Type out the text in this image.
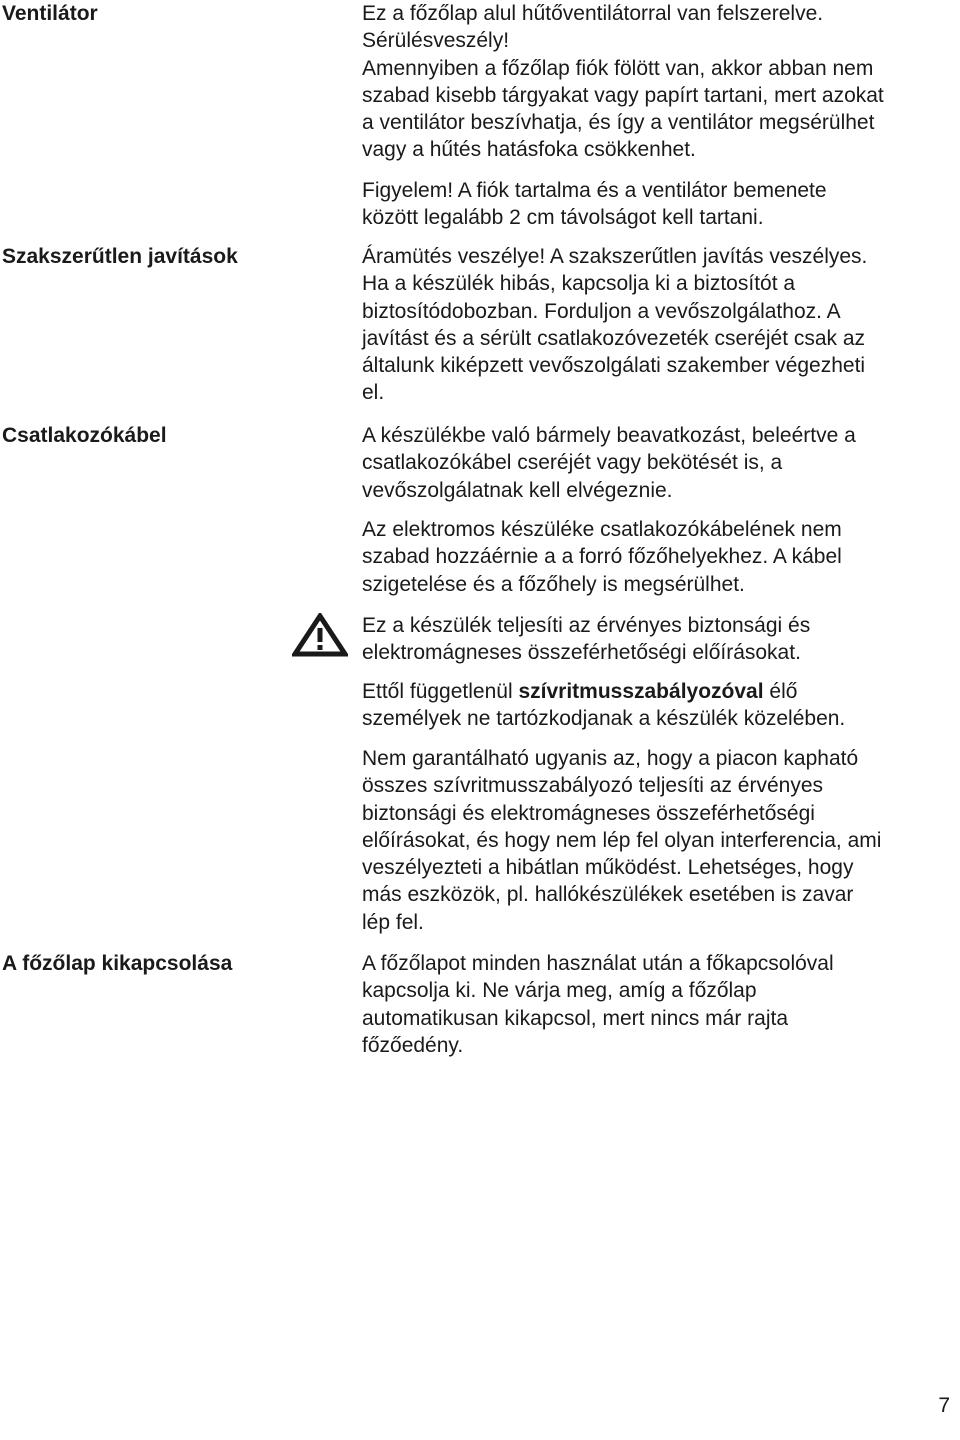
Ventilátor
Szakszerűtlen javítások
Csatlakozókábel
A főzőlap kikapcsolása
Ez a főzőlap alul hűtőventilátorral van felszerelve.
Sérülésveszély!
Amennyiben a főzőlap fiók fölött van, akkor abban nem
szabad kisebb tárgyakat vagy papírt tartani, mert azokat
a ventilátor beszívhatja, és így a ventilátor megsérülhet
vagy a hűtés hatásfoka csökkenhet.
Figyelem! A fiók tartalma és a ventilátor bemenete
között legalább 2 cm távolságot kell tartani.
Áramütés veszélye! A szakszerűtlen javítás veszélyes.
Ha a készülék hibás, kapcsolja ki a biztosítót a
biztosítódobozban. Forduljon a vevőszolgálathoz. A
javítást és a sérült csatlakozóvezeték cseréjét csak az
általunk kiképzett vevőszolgálati szakember végezheti
el.
A készülékbe való bármely beavatkozást, beleértve a
csatlakozókábel cseréjét vagy bekötését is, a
vevőszolgálatnak kell elvégeznie.
Az elektromos készüléke csatlakozókábelének nem
szabad hozzáérnie a a forró főzőhelyekhez. A kábel
szigetelése és a főzőhely is megsérülhet.
Ez a készülék teljesíti az érvényes biztonsági és
elektromágneses összeférhetőségi előírásokat.
Ettől függetlenül szívritmusszabályozóval élő
személyek ne tartózkodjanak a készülék közelében.
Nem garantálható ugyanis az, hogy a piacon kapható
összes szívritmusszabályozó teljesíti az érvényes
biztonsági és elektromágneses összeférhetőségi
előírásokat, és hogy nem lép fel olyan interferencia, ami
veszélyezteti a hibátlan működést. Lehetséges, hogy
más eszközök, pl. hallókészülékek esetében is zavar
lép fel.
A főzőlapot minden használat után a főkapcsolóval
kapcsolja ki. Ne várja meg, amíg a főzőlap
automatikusan kikapcsol, mert nincs már rajta
főzőedény.
7
